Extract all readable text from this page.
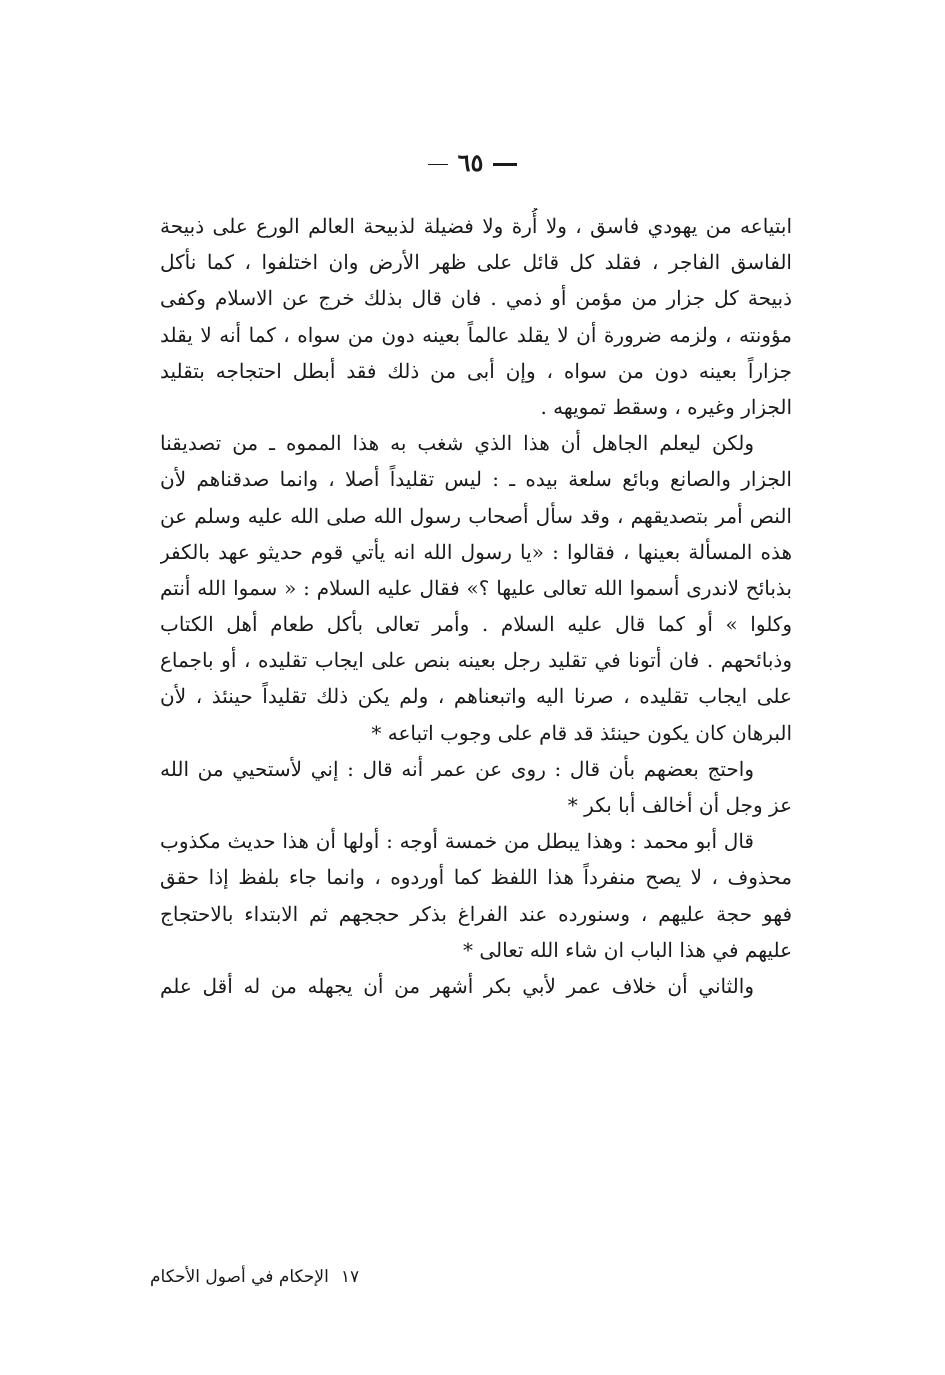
٦٥
ابتياعه من يهودي فاسق ، ولا أُرة ولا فضيلة لذبيحة العالم الورع على ذبيحة
الفاسق الفاجر ، فقلد كل قائل على ظهر الأرض وان اختلفوا ، كما نأكل
ذبيحة كل جزار من مؤمن أو ذمي . فان قال بذلك خرج عن الاسلام وكفى
مؤونته ، ولزمه ضرورة أن لا يقلد عالماً بعينه دون من سواه ، كما أنه لا يقلد
جزاراً بعينه دون من سواه ، وإن أبى من ذلك فقد أبطل احتجاجه بتقليد
الجزار وغيره ، وسقط تمويهه .
ولكن ليعلم الجاهل أن هذا الذي شغب به هذا المموه ـ من تصديقنا
الجزار والصانع وبائع سلعة بيده ـ : ليس تقليداً أصلا ، وانما صدقناهم لأن
النص أمر بتصديقهم ، وقد سأل أصحاب رسول الله صلى الله عليه وسلم عن
هذه المسألة بعينها ، فقالوا : «يا رسول الله انه يأتي قوم حديثو عهد بالكفر
بذبائح لاندرى أسموا الله تعالى عليها ؟» فقال عليه السلام : « سموا الله أنتم
وكلوا » أو كما قال عليه السلام . وأمر تعالى بأكل طعام أهل الكتاب
وذبائحهم . فان أتونا في تقليد رجل بعينه بنص على ايجاب تقليده ، أو باجماع
على ايجاب تقليده ، صرنا اليه واتبعناهم ، ولم يكن ذلك تقليداً حينئذ ، لأن
البرهان كان يكون حينئذ قد قام على وجوب اتباعه *
واحتج بعضهم بأن قال : روى عن عمر أنه قال : إني لأستحيي من الله
عز وجل أن أخالف أبا بكر *
قال أبو محمد : وهذا يبطل من خمسة أوجه : أولها أن هذا حديث مكذوب
محذوف ، لا يصح منفرداً هذا اللفظ كما أوردوه ، وانما جاء بلفظ إذا حقق
فهو حجة عليهم ، وسنورده عند الفراغ بذكر حججهم ثم الابتداء بالاحتجاج
عليهم في هذا الباب ان شاء الله تعالى *
والثاني أن خلاف عمر لأبي بكر أشهر من أن يجهله من له أقل علم
١٧الإحكام في أصول الأحكام
